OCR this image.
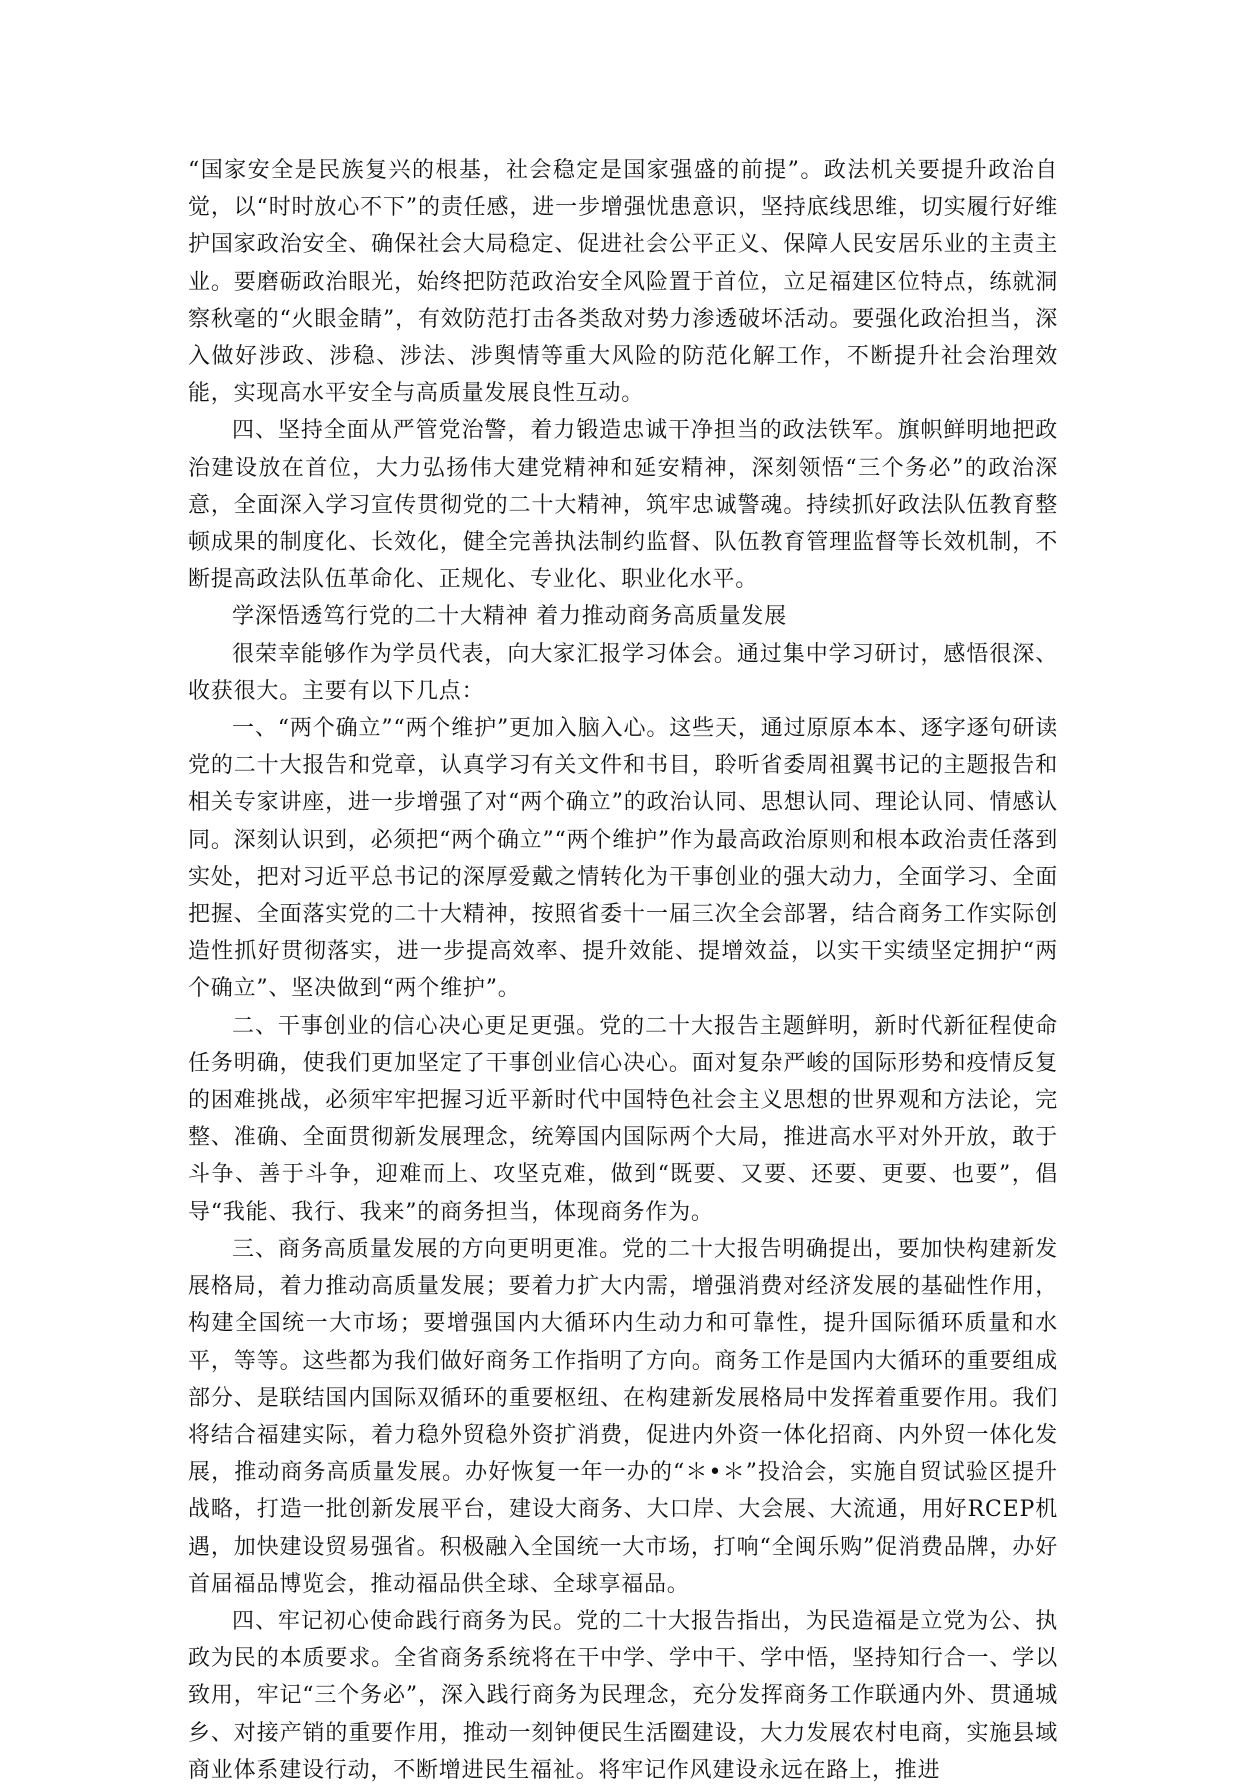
“国家安全是民族复兴的根基，社会稳定是国家强盛的前提”。政法机关要提升政治自觉，以“时时放心不下”的责任感，进一步增强忧患意识，坚持底线思维，切实履行好维护国家政治安全、确保社会大局稳定、促进社会公平正义、保障人民安居乐业的主责主业。要磨砺政治眼光，始终把防范政治安全风险置于首位，立足福建区位特点，练就洞察秋毫的“火眼金睛”，有效防范打击各类敌对势力渗透破坏活动。要强化政治担当，深入做好涉政、涉稳、涉法、涉舆情等重大风险的防范化解工作，不断提升社会治理效能，实现高水平安全与高质量发展良性互动。

四、坚持全面从严管党治警，着力锻造忠诚干净担当的政法铁军。旗帜鲜明地把政治建设放在首位，大力弘扬伟大建党精神和延安精神，深刻领悟“三个务必”的政治深意，全面深入学习宣传贯彻党的二十大精神，筑牢忠诚警魂。持续抓好政法队伍教育整顿成果的制度化、长效化，健全完善执法制约监督、队伍教育管理监督等长效机制，不断提高政法队伍革命化、正规化、专业化、职业化水平。

学深悟透笃行党的二十大精神 着力推动商务高质量发展

很荣幸能够作为学员代表，向大家汇报学习体会。通过集中学习研讨，感悟很深、收获很大。主要有以下几点：

一、“两个确立”“两个维护”更加入脑入心。这些天，通过原原本本、逐字逐句研读党的二十大报告和党章，认真学习有关文件和书目，聆听省委周祖翼书记的主题报告和相关专家讲座，进一步增强了对“两个确立”的政治认同、思想认同、理论认同、情感认同。深刻认识到，必须把“两个确立”“两个维护”作为最高政治原则和根本政治责任落到实处，把对习近平总书记的深厚爱戴之情转化为干事创业的强大动力，全面学习、全面把握、全面落实党的二十大精神，按照省委十一届三次全会部署，结合商务工作实际创造性抓好贯彻落实，进一步提高效率、提升效能、提增效益，以实干实绩坚定拥护“两个确立”、坚决做到“两个维护”。

二、干事创业的信心决心更足更强。党的二十大报告主题鲜明，新时代新征程使命任务明确，使我们更加坚定了干事创业信心决心。面对复杂严峻的国际形势和疫情反复的困难挑战，必须牢牢把握习近平新时代中国特色社会主义思想的世界观和方法论，完整、准确、全面贯彻新发展理念，统筹国内国际两个大局，推进高水平对外开放，敢于斗争、善于斗争，迎难而上、攻坚克难，做到“既要、又要、还要、更要、也要”，倡导“我能、我行、我来”的商务担当，体现商务作为。

三、商务高质量发展的方向更明更准。党的二十大报告明确提出，要加快构建新发展格局，着力推动高质量发展；要着力扩大内需，增强消费对经济发展的基础性作用，构建全国统一大市场；要增强国内大循环内生动力和可靠性，提升国际循环质量和水平，等等。这些都为我们做好商务工作指明了方向。商务工作是国内大循环的重要组成部分、是联结国内国际双循环的重要枢纽、在构建新发展格局中发挥着重要作用。我们将结合福建实际，着力稳外贸稳外资扩消费，促进内外资一体化招商、内外贸一体化发展，推动商务高质量发展。办好恢复一年一办的“＊•＊”投洽会，实施自贸试验区提升战略，打造一批创新发展平台，建设大商务、大口岸、大会展、大流通，用好RCEP机遇，加快建设贸易强省。积极融入全国统一大市场，打响“全闽乐购”促消费品牌，办好首届福品博览会，推动福品供全球、全球享福品。

四、牢记初心使命践行商务为民。党的二十大报告指出，为民造福是立党为公、执政为民的本质要求。全省商务系统将在干中学、学中干、学中悟，坚持知行合一、学以致用，牢记“三个务必”，深入践行商务为民理念，充分发挥商务工作联通内外、贯通城乡、对接产销的重要作用，推动一刻钟便民生活圈建设，大力发展农村电商，实施县域商业体系建设行动，不断增进民生福祉。将牢记作风建设永远在路上，推进
